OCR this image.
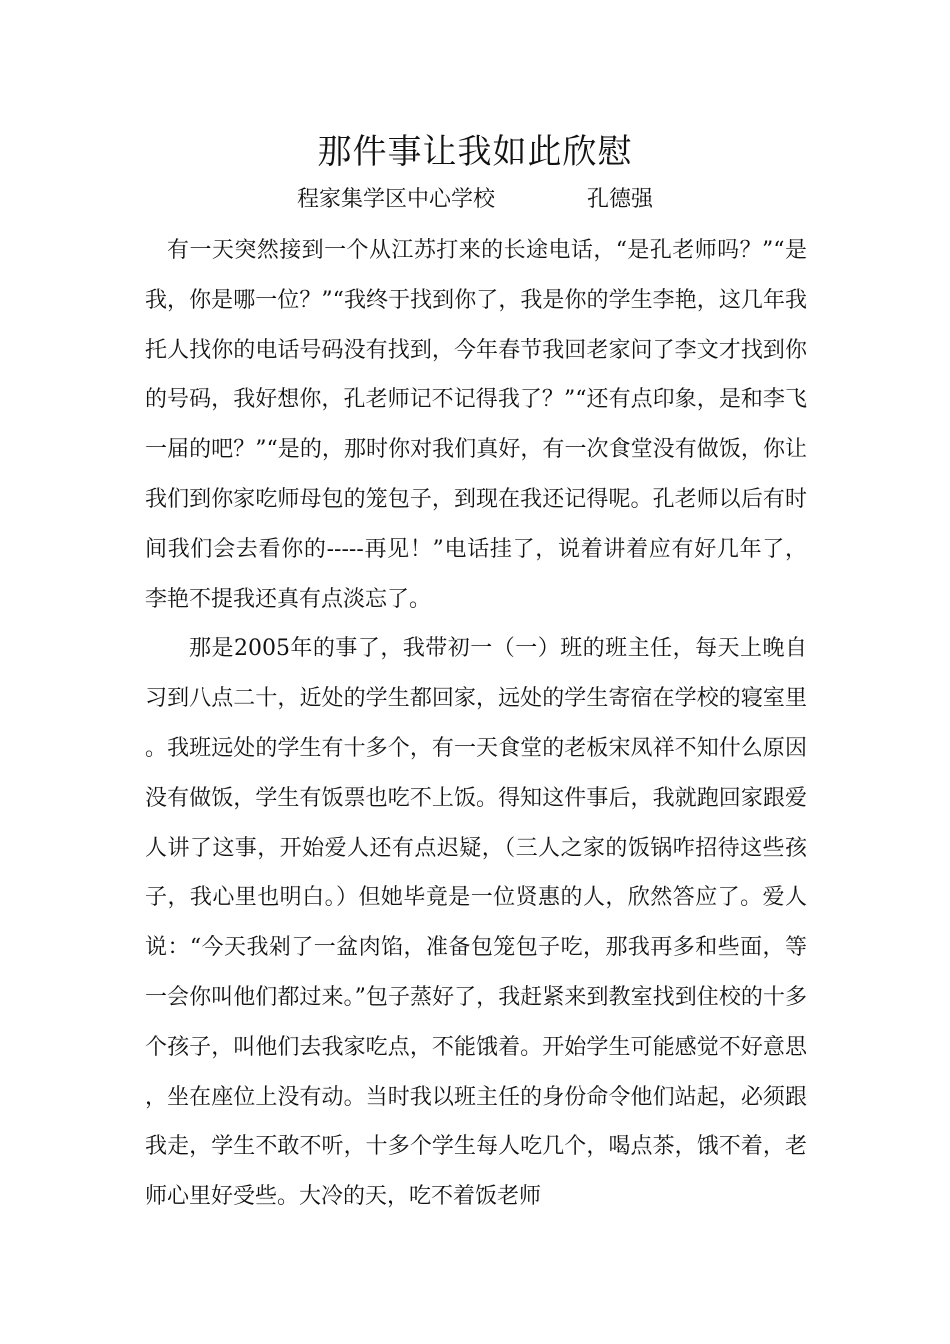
那件事让我如此欣慰
程家集学区中心学校	孔德强

有一天突然接到一个从江苏打来的长途电话，“是孔老师吗？”“是我，你是哪一位？”“我终于找到你了，我是你的学生李艳，这几年我托人找你的电话号码没有找到，今年春节我回老家问了李文才找到你的号码，我好想你，孔老师记不记得我了？”“还有点印象，是和李飞一届的吧？”“是的，那时你对我们真好，有一次食堂没有做饭，你让我们到你家吃师母包的笼包子，到现在我还记得呢。孔老师以后有时间我们会去看你的-----再见！”电话挂了，说着讲着应有好几年了，李艳不提我还真有点淡忘了。

那是2005年的事了，我带初一（一）班的班主任，每天上晚自习到八点二十，近处的学生都回家，远处的学生寄宿在学校的寝室里。我班远处的学生有十多个，有一天食堂的老板宋凤祥不知什么原因没有做饭，学生有饭票也吃不上饭。得知这件事后，我就跑回家跟爱人讲了这事，开始爱人还有点迟疑，（三人之家的饭锅咋招待这些孩子，我心里也明白。）但她毕竟是一位贤惠的人，欣然答应了。爱人说：“今天我剁了一盆肉馅，准备包笼包子吃，那我再多和些面，等一会你叫他们都过来。”包子蒸好了，我赶紧来到教室找到住校的十多个孩子，叫他们去我家吃点，不能饿着。开始学生可能感觉不好意思，坐在座位上没有动。当时我以班主任的身份命令他们站起，必须跟我走，学生不敢不听，十多个学生每人吃几个，喝点茶，饿不着，老师心里好受些。大冷的天，吃不着饭老师
